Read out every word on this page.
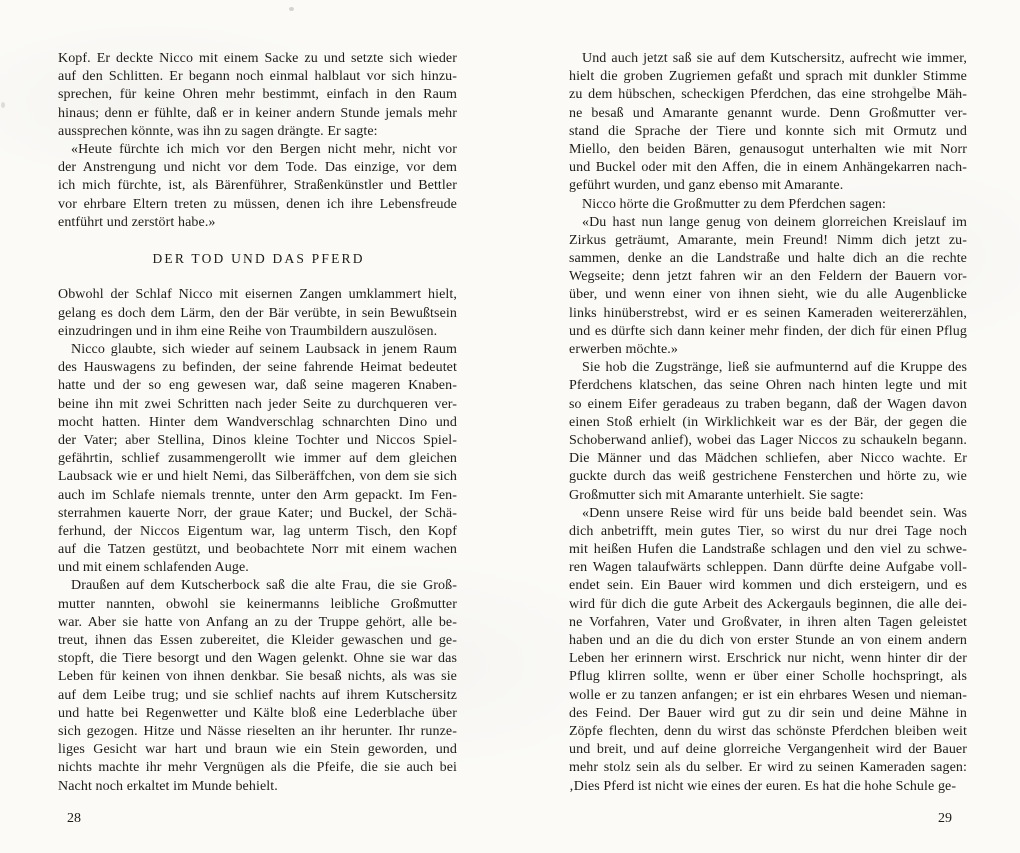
Kopf. Er deckte Nicco mit einem Sacke zu und setzte sich wieder
auf den Schlitten. Er begann noch einmal halblaut vor sich hinzu-
sprechen, für keine Ohren mehr bestimmt, einfach in den Raum
hinaus; denn er fühlte, daß er in keiner andern Stunde jemals mehr
aussprechen könnte, was ihn zu sagen drängte. Er sagte:
«Heute fürchte ich mich vor den Bergen nicht mehr, nicht vor
der Anstrengung und nicht vor dem Tode. Das einzige, vor dem
ich mich fürchte, ist, als Bärenführer, Straßenkünstler und Bettler
vor ehrbare Eltern treten zu müssen, denen ich ihre Lebensfreude
entführt und zerstört habe.»
DER TOD UND DAS PFERD
Obwohl der Schlaf Nicco mit eisernen Zangen umklammert hielt,
gelang es doch dem Lärm, den der Bär verübte, in sein Bewußtsein
einzudringen und in ihm eine Reihe von Traumbildern auszulösen.
Nicco glaubte, sich wieder auf seinem Laubsack in jenem Raum
des Hauswagens zu befinden, der seine fahrende Heimat bedeutet
hatte und der so eng gewesen war, daß seine mageren Knaben-
beine ihn mit zwei Schritten nach jeder Seite zu durchqueren ver-
mocht hatten. Hinter dem Wandverschlag schnarchten Dino und
der Vater; aber Stellina, Dinos kleine Tochter und Niccos Spiel-
gefährtin, schlief zusammengerollt wie immer auf dem gleichen
Laubsack wie er und hielt Nemi, das Silberäffchen, von dem sie sich
auch im Schlafe niemals trennte, unter den Arm gepackt. Im Fen-
sterrahmen kauerte Norr, der graue Kater; und Buckel, der Schä-
ferhund, der Niccos Eigentum war, lag unterm Tisch, den Kopf
auf die Tatzen gestützt, und beobachtete Norr mit einem wachen
und mit einem schlafenden Auge.
Draußen auf dem Kutscherbock saß die alte Frau, die sie Groß-
mutter nannten, obwohl sie keinermanns leibliche Großmutter
war. Aber sie hatte von Anfang an zu der Truppe gehört, alle be-
treut, ihnen das Essen zubereitet, die Kleider gewaschen und ge-
stopft, die Tiere besorgt und den Wagen gelenkt. Ohne sie war das
Leben für keinen von ihnen denkbar. Sie besaß nichts, als was sie
auf dem Leibe trug; und sie schlief nachts auf ihrem Kutschersitz
und hatte bei Regenwetter und Kälte bloß eine Lederblache über
sich gezogen. Hitze und Nässe rieselten an ihr herunter. Ihr runze-
liges Gesicht war hart und braun wie ein Stein geworden, und
nichts machte ihr mehr Vergnügen als die Pfeife, die sie auch bei
Nacht noch erkaltet im Munde behielt.
Und auch jetzt saß sie auf dem Kutschersitz, aufrecht wie immer,
hielt die groben Zugriemen gefaßt und sprach mit dunkler Stimme
zu dem hübschen, scheckigen Pferdchen, das eine strohgelbe Mäh-
ne besaß und Amarante genannt wurde. Denn Großmutter ver-
stand die Sprache der Tiere und konnte sich mit Ormutz und
Miello, den beiden Bären, genausogut unterhalten wie mit Norr
und Buckel oder mit den Affen, die in einem Anhängekarren nach-
geführt wurden, und ganz ebenso mit Amarante.
Nicco hörte die Großmutter zu dem Pferdchen sagen:
«Du hast nun lange genug von deinem glorreichen Kreislauf im
Zirkus geträumt, Amarante, mein Freund! Nimm dich jetzt zu-
sammen, denke an die Landstraße und halte dich an die rechte
Wegseite; denn jetzt fahren wir an den Feldern der Bauern vor-
über, und wenn einer von ihnen sieht, wie du alle Augenblicke
links hinüberstrebst, wird er es seinen Kameraden weitererzählen,
und es dürfte sich dann keiner mehr finden, der dich für einen Pflug
erwerben möchte.»
Sie hob die Zugstränge, ließ sie aufmunternd auf die Kruppe des
Pferdchens klatschen, das seine Ohren nach hinten legte und mit
so einem Eifer geradeaus zu traben begann, daß der Wagen davon
einen Stoß erhielt (in Wirklichkeit war es der Bär, der gegen die
Schoberwand anlief), wobei das Lager Niccos zu schaukeln begann.
Die Männer und das Mädchen schliefen, aber Nicco wachte. Er
guckte durch das weiß gestrichene Fensterchen und hörte zu, wie
Großmutter sich mit Amarante unterhielt. Sie sagte:
«Denn unsere Reise wird für uns beide bald beendet sein. Was
dich anbetrifft, mein gutes Tier, so wirst du nur drei Tage noch
mit heißen Hufen die Landstraße schlagen und den viel zu schwe-
ren Wagen talaufwärts schleppen. Dann dürfte deine Aufgabe voll-
endet sein. Ein Bauer wird kommen und dich ersteigern, und es
wird für dich die gute Arbeit des Ackergauls beginnen, die alle dei-
ne Vorfahren, Vater und Großvater, in ihren alten Tagen geleistet
haben und an die du dich von erster Stunde an von einem andern
Leben her erinnern wirst. Erschrick nur nicht, wenn hinter dir der
Pflug klirren sollte, wenn er über einer Scholle hochspringt, als
wolle er zu tanzen anfangen; er ist ein ehrbares Wesen und nieman-
des Feind. Der Bauer wird gut zu dir sein und deine Mähne in
Zöpfe flechten, denn du wirst das schönste Pferdchen bleiben weit
und breit, und auf deine glorreiche Vergangenheit wird der Bauer
mehr stolz sein als du selber. Er wird zu seinen Kameraden sagen:
‚Dies Pferd ist nicht wie eines der euren. Es hat die hohe Schule ge-
28	29
